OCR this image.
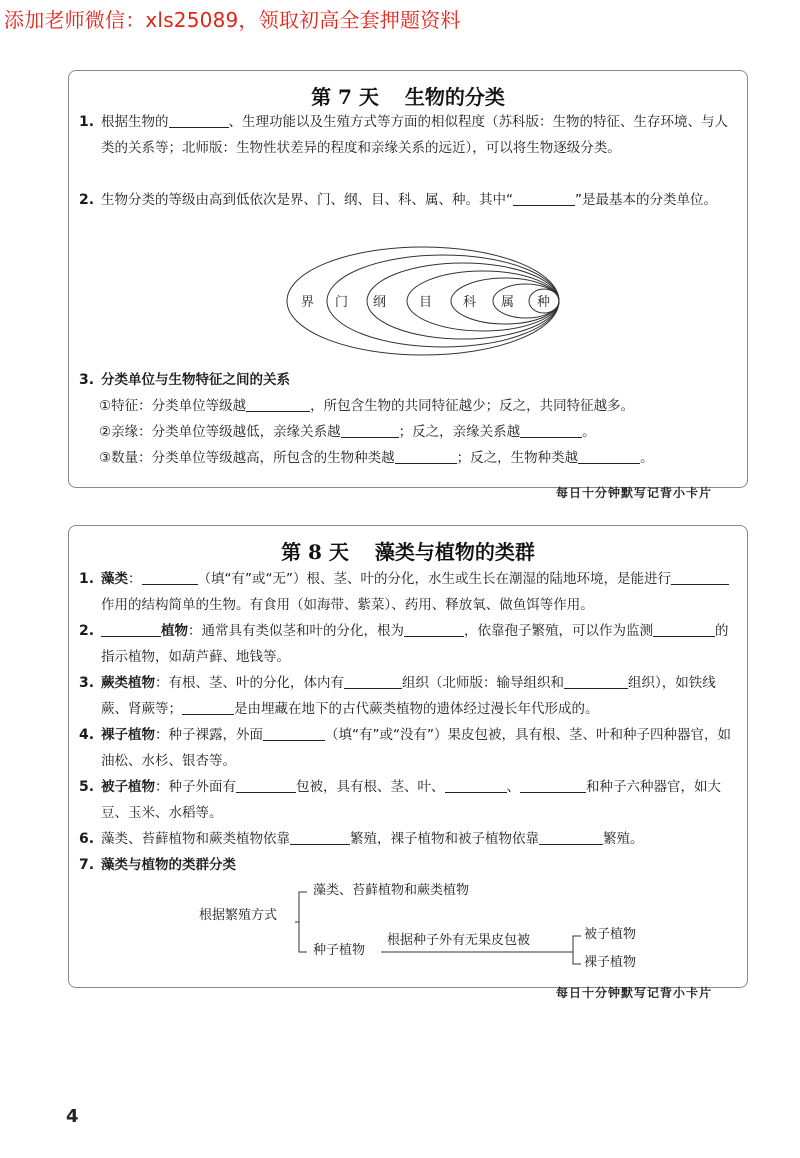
添加老师微信：xls25089，领取初高全套押题资料
第 7 天 生物的分类
1. 根据生物的	、生理功能以及生殖方式等方面的相似程度（苏科版：生物的特征、生存环境、与人类的关系等；北师版：生物性状差异的程度和亲缘关系的远近），可以将生物逐级分类。
2. 生物分类的等级由高到低依次是界、门、纲、目、科、属、种。其中“	”是最基本的分类单位。
界 门 纲	目 科 属 种
3. 分类单位与生物特征之间的关系
①特征：分类单位等级越	，所包含生物的共同特征越少；反之，共同特征越多。
②亲缘：分类单位等级越低，亲缘关系越	；反之，亲缘关系越	。
③数量：分类单位等级越高，所包含的生物种类越	；反之，生物种类越	。
每日十分钟默写记背小卡片
第 8 天 藻类与植物的类群
1. 藻类：	（填“有”或“无”）根、茎、叶的分化，水生或生长在潮湿的陆地环境，是能进行作用的结构简单的生物。有食用（如海带、紫菜）、药用、释放氧、做鱼饵等作用。
2.	植物：通常具有类似茎和叶的分化，根为	，依靠孢子繁殖，可以作为监测	的指示植物，如葫芦藓、地钱等。
3. 蕨类植物：有根、茎、叶的分化，体内有	组织（北师版：输导组织和	组织），如铁线蕨、肾蕨等；	是由埋藏在地下的古代蕨类植物的遗体经过漫长年代形成的。
4. 裸子植物：种子裸露，外面	（填“有”或“没有”）果皮包被，具有根、茎、叶和种子四种器官，如油松、水杉、银杏等。
5. 被子植物：种子外面有	包被，具有根、茎、叶、	、	和种子六种器官，如大豆、玉米、水稻等。
6. 藻类、苔藓植物和蕨类植物依靠	繁殖，裸子植物和被子植物依靠	繁殖。
7. 藻类与植物的类群分类
根据繁殖方式
藻类、苔藓植物和蕨类植物
种子植物
根据种子外有无果皮包被	被子植物
裸子植物
每日十分钟默写记背小卡片
4
